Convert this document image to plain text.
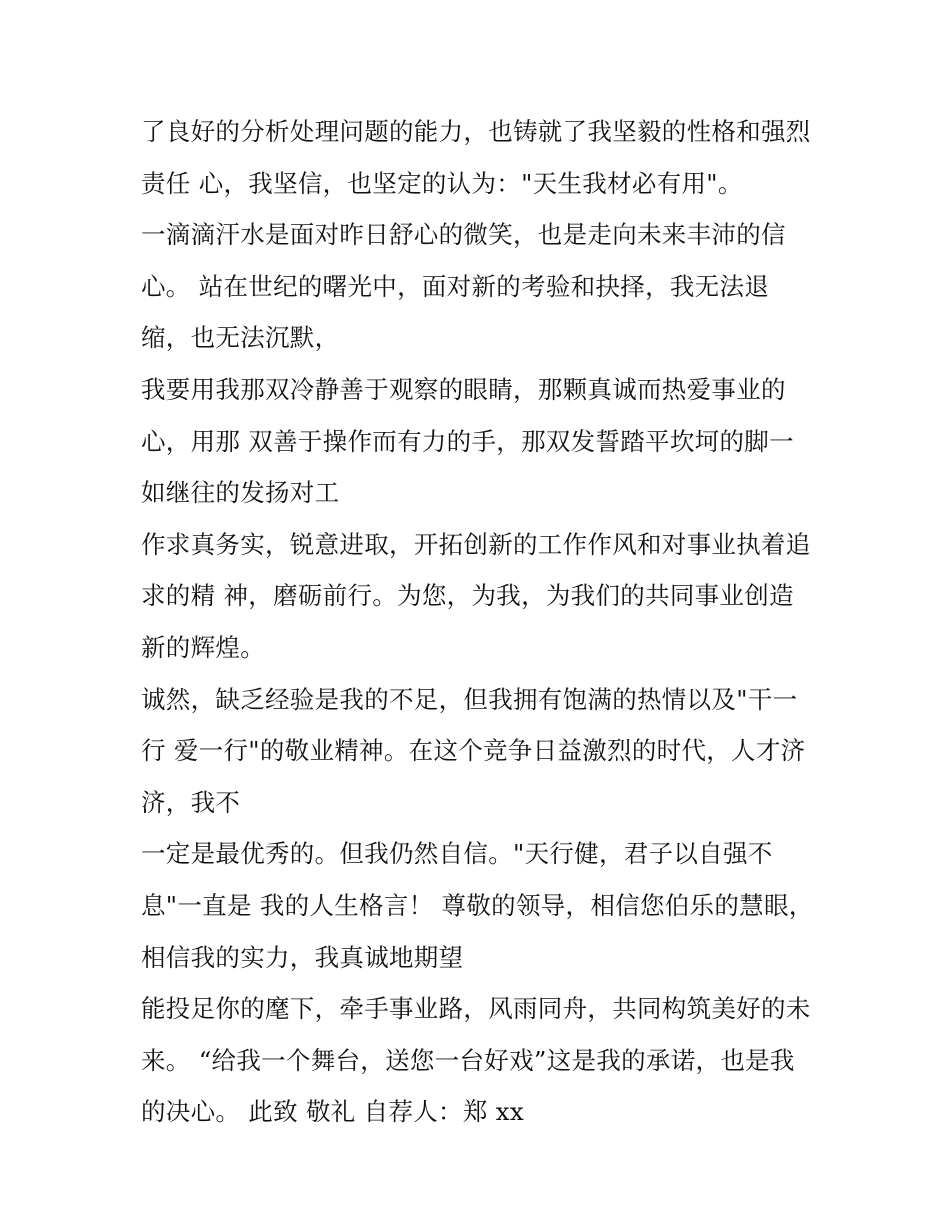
了良好的分析处理问题的能力，也铸就了我坚毅的性格和强烈
责任 心，我坚信，也坚定的认为："天生我材必有用"。
一滴滴汗水是面对昨日舒心的微笑，也是走向未来丰沛的信
心。 站在世纪的曙光中，面对新的考验和抉择，我无法退
缩，也无法沉默，
我要用我那双冷静善于观察的眼睛，那颗真诚而热爱事业的
心，用那 双善于操作而有力的手，那双发誓踏平坎坷的脚一
如继往的发扬对工
作求真务实，锐意进取，开拓创新的工作作风和对事业执着追
求的精 神，磨砺前行。为您，为我，为我们的共同事业创造
新的辉煌。
诚然，缺乏经验是我的不足，但我拥有饱满的热情以及"干一
行 爱一行"的敬业精神。在这个竞争日益激烈的时代，人才济
济，我不
一定是最优秀的。但我仍然自信。"天行健，君子以自强不
息"一直是 我的人生格言！ 尊敬的领导，相信您伯乐的慧眼，
相信我的实力，我真诚地期望
能投足你的麾下，牵手事业路，风雨同舟，共同构筑美好的未
来。 “给我一个舞台，送您一台好戏”这是我的承诺，也是我
的决心。 此致 敬礼 自荐人：郑 xx
